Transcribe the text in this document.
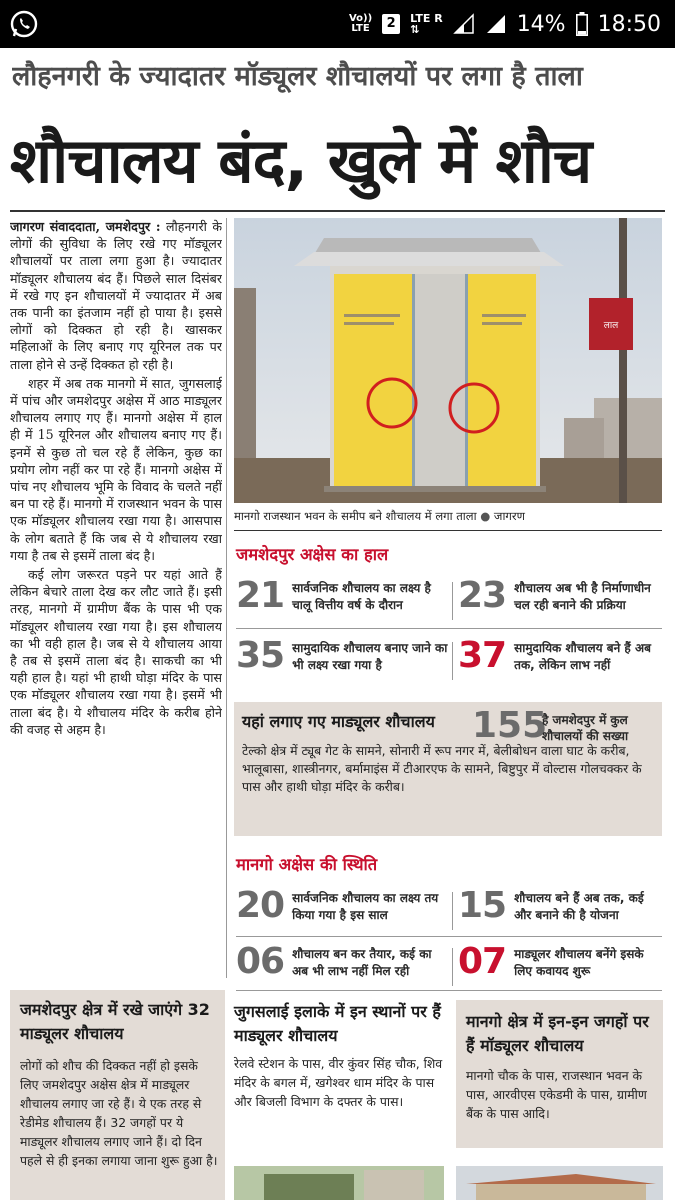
Vo))
LTE	2	LTE R
⇅	14% 18:50
लौहनगरी के ज्यादातर मॉड्यूलर शौचालयों पर लगा है ताला
शौचालय बंद, खुले में शौच

जागरण संवाददाता, जमशेदपुर : लौहनगरी के लोगों की सुविधा के लिए रखे गए मॉड्यूलर शौचालयों पर ताला लगा हुआ है। ज्यादातर मॉड्यूलर शौचालय बंद हैं। पिछले साल दिसंबर में रखे गए इन शौचालयों में ज्यादातर में अब तक पानी का इंतजाम नहीं हो पाया है। इससे लोगों को दिक्कत हो रही है। खासकर महिलाओं के लिए बनाए गए यूरिनल तक पर ताला होने से उन्हें दिक्कत हो रही है।

शहर में अब तक मानगो में सात, जुगसलाई में पांच और जमशेदपुर अक्षेस में आठ माड्यूलर शौचालय लगाए गए हैं। मानगो अक्षेस में हाल ही में 15 यूरिनल और शौचालय बनाए गए हैं। इनमें से कुछ तो चल रहे हैं लेकिन, कुछ का प्रयोग लोग नहीं कर पा रहे हैं। मानगो अक्षेस में पांच नए शौचालय भूमि के विवाद के चलते नहीं बन पा रहे हैं। मानगो में राजस्थान भवन के पास एक मॉड्यूलर शौचालय रखा गया है। आसपास के लोग बताते हैं कि जब से ये शौचालय रखा गया है तब से इसमें ताला बंद है।

कई लोग जरूरत पड़ने पर यहां आते हैं लेकिन बेचारे ताला देख कर लौट जाते हैं। इसी तरह, मानगो में ग्रामीण बैंक के पास भी एक मॉड्यूलर शौचालय रखा गया है। इस शौचालय का भी वही हाल है। जब से ये शौचालय आया है तब से इसमें ताला बंद है। साकची का भी यही हाल है। यहां भी हाथी घोड़ा मंदिर के पास एक मॉड्यूलर शौचालय रखा गया है। इसमें भी ताला बंद है। ये शौचालय मंदिर के करीब होने की वजह से अहम है।

लाल
मानगो राजस्थान भवन के समीप बने शौचालय में लगा ताला ● जागरण
जमशेदपुर अक्षेस का हाल
21 सार्वजनिक शौचालय का लक्ष्य है चालू वित्तीय वर्ष के दौरान	23 शौचालय अब भी है निर्माणाधीन चल रही बनाने की प्रक्रिया
35 सामुदायिक शौचालय बनाए जाने का भी लक्ष्य रखा गया है	37 सामुदायिक शौचालय बने हैं अब तक, लेकिन लाभ नहीं
यहां लगाए गए माड्यूलर शौचालय 155
है जमशेदपुर में कुल शौचालयों की सख्या
टेल्को क्षेत्र में ट्यूब गेट के सामने, सोनारी में रूप नगर में, बेलीबोधन वाला घाट के करीब, भालूबासा, शास्त्रीनगर, बर्मामाइंस में टीआरएफ के सामने, बिष्टुपुर में वोल्टास गोलचक्कर के पास और हाथी घोड़ा मंदिर के करीब।
मानगो अक्षेस की स्थिति
20 सार्वजनिक शौचालय का लक्ष्य तय किया गया है इस साल	15 शौचालय बने हैं अब तक, कई और बनाने की है योजना
06 शौचालय बन कर तैयार, कई का अब भी लाभ नहीं मिल रही	07 माड्यूलर शौचालय बनेंगे इसके लिए कवायद शुरू
जमशेदपुर क्षेत्र में रखे जाएंगे 32 माड्यूलर शौचालय
लोगों को शौच की दिक्कत नहीं हो इसके लिए जमशेदपुर अक्षेस क्षेत्र में माड्यूलर शौचालय लगाए जा रहे हैं। ये एक तरह से रेडीमेड शौचालय हैं। 32 जगहों पर ये माड्यूलर शौचालय लगाए जाने हैं। दो दिन पहले से ही इनका लगाया जाना शुरू हुआ है।
जुगसलाई इलाके में इन स्थानों पर हैं माड्यूलर शौचालय
रेलवे स्टेशन के पास, वीर कुंवर सिंह चौक, शिव मंदिर के बगल में, खगेश्वर धाम मंदिर के पास और बिजली विभाग के दफ्तर के पास।
मानगो क्षेत्र में इन-इन जगहों पर हैं मॉड्यूलर शौचालय
मानगो चौक के पास, राजस्थान भवन के पास, आरवीएस एकेडमी के पास, ग्रामीण बैंक के पास आदि।
